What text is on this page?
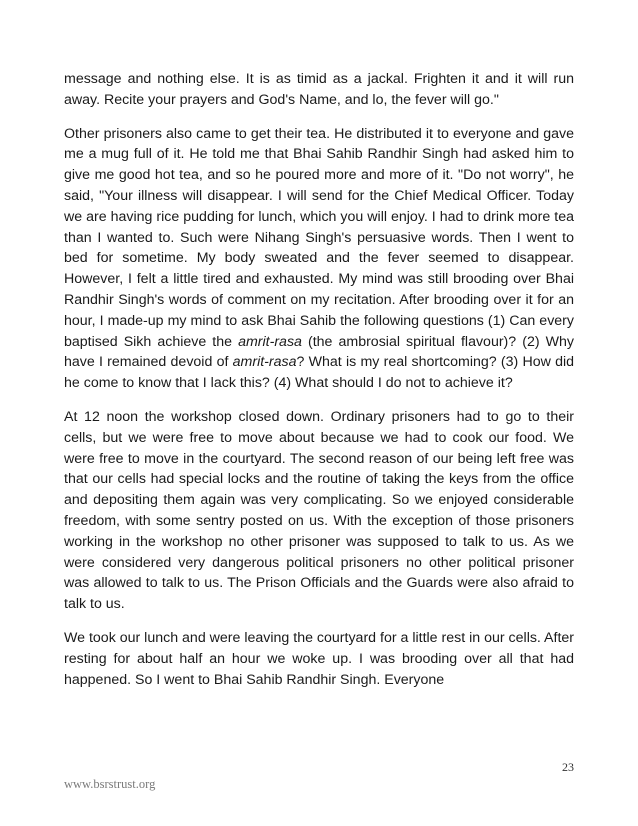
message and nothing else. It is as timid as a jackal. Frighten it and it will run away. Recite your prayers and God's Name, and lo, the fever will go."

Other prisoners also came to get their tea. He distributed it to everyone and gave me a mug full of it. He told me that Bhai Sahib Randhir Singh had asked him to give me good hot tea, and so he poured more and more of it. "Do not worry", he said, "Your illness will disappear. I will send for the Chief Medical Officer. Today we are having rice pudding for lunch, which you will enjoy. I had to drink more tea than I wanted to. Such were Nihang Singh's persuasive words. Then I went to bed for sometime. My body sweated and the fever seemed to disappear. However, I felt a little tired and exhausted. My mind was still brooding over Bhai Randhir Singh's words of comment on my recitation. After brooding over it for an hour, I made-up my mind to ask Bhai Sahib the following questions (1) Can every baptised Sikh achieve the amrit-rasa (the ambrosial spiritual flavour)? (2) Why have I remained devoid of amrit-rasa? What is my real shortcoming? (3) How did he come to know that I lack this? (4) What should I do not to achieve it?

At 12 noon the workshop closed down. Ordinary prisoners had to go to their cells, but we were free to move about because we had to cook our food. We were free to move in the courtyard. The second reason of our being left free was that our cells had special locks and the routine of taking the keys from the office and depositing them again was very complicating. So we enjoyed considerable freedom, with some sentry posted on us. With the exception of those prisoners working in the workshop no other prisoner was supposed to talk to us. As we were considered very dangerous political prisoners no other political prisoner was allowed to talk to us. The Prison Officials and the Guards were also afraid to talk to us.

We took our lunch and were leaving the courtyard for a little rest in our cells. After resting for about half an hour we woke up. I was brooding over all that had happened. So I went to Bhai Sahib Randhir Singh. Everyone

23
www.bsrstrust.org
